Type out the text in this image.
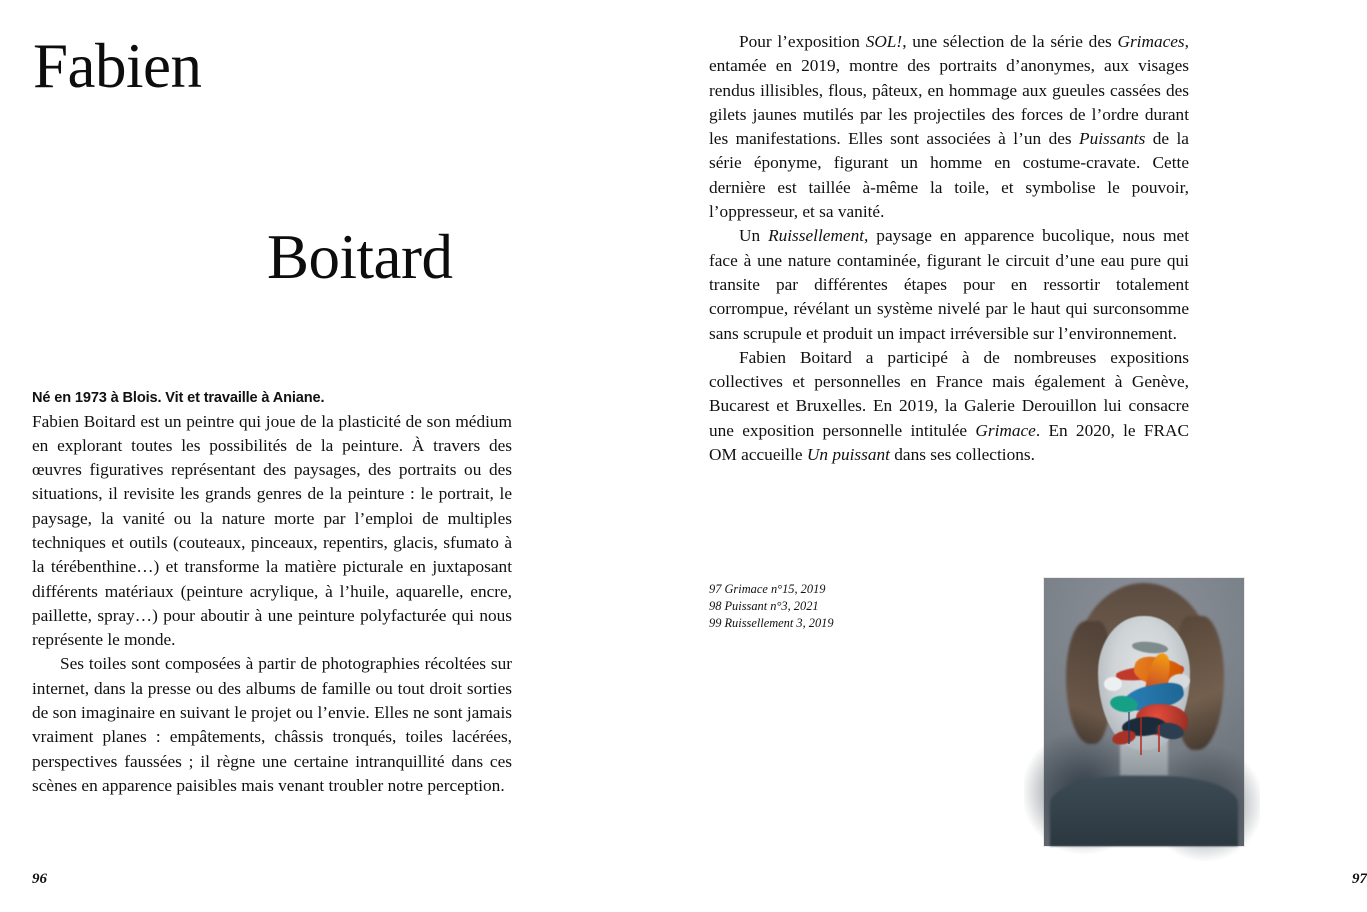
Fabien
Boitard
Né en 1973 à Blois. Vit et travaille à Aniane.

Fabien Boitard est un peintre qui joue de la plasticité de son médium en explorant toutes les possibilités de la peinture. À travers des œuvres figuratives représentant des paysages, des portraits ou des situations, il revisite les grands genres de la peinture : le portrait, le paysage, la vanité ou la nature morte par l’emploi de multiples techniques et outils (couteaux, pinceaux, repentirs, glacis, sfumato à la térébenthine…) et transforme la matière picturale en juxtaposant différents matériaux (peinture acrylique, à l’huile, aquarelle, encre, paillette, spray…) pour aboutir à une peinture polyfacturée qui nous représente le monde.

Ses toiles sont composées à partir de photographies récoltées sur internet, dans la presse ou des albums de famille ou tout droit sorties de son imaginaire en suivant le projet ou l’envie. Elles ne sont jamais vraiment planes : empâtements, châssis tronqués, toiles lacérées, perspectives faussées ; il règne une certaine intranquillité dans ces scènes en apparence paisibles mais venant troubler notre perception.

96

Pour l’exposition SOL!, une sélection de la série des Grimaces, entamée en 2019, montre des portraits d’anonymes, aux visages rendus illisibles, flous, pâteux, en hommage aux gueules cassées des gilets jaunes mutilés par les projectiles des forces de l’ordre durant les manifestations. Elles sont associées à l’un des Puissants de la série éponyme, figurant un homme en costume-cravate. Cette dernière est taillée à-même la toile, et symbolise le pouvoir, l’oppresseur, et sa vanité.

Un Ruissellement, paysage en apparence bucolique, nous met face à une nature contaminée, figurant le circuit d’une eau pure qui transite par différentes étapes pour en ressortir totalement corrompue, révélant un système nivelé par le haut qui surconsomme sans scrupule et produit un impact irréversible sur l’environnement.

Fabien Boitard a participé à de nombreuses expositions collectives et personnelles en France mais également à Genève, Bucarest et Bruxelles. En 2019, la Galerie Derouillon lui consacre une exposition personnelle intitulée Grimace. En 2020, le FRAC OM accueille Un puissant dans ses collections.

97 Grimace n°15, 2019
98 Puissant n°3, 2021
99 Ruissellement 3, 2019
97
